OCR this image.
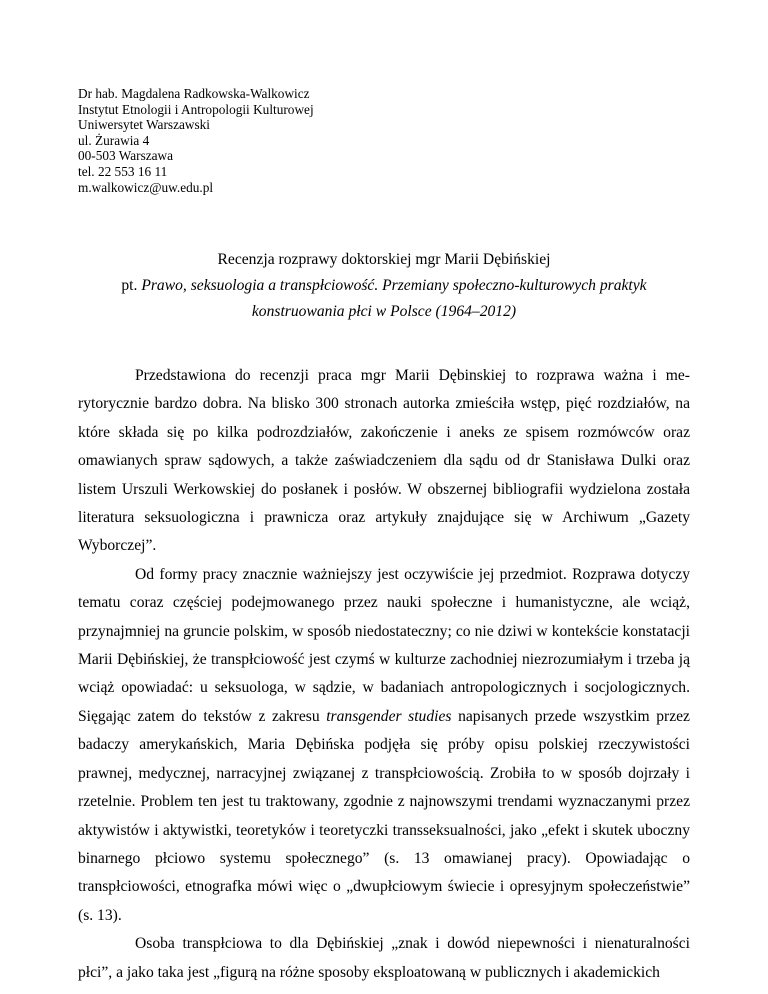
Dr hab. Magdalena Radkowska-Walkowicz
Instytut Etnologii i Antropologii Kulturowej
Uniwersytet Warszawski
ul. Żurawia 4
00-503 Warszawa
tel. 22 553 16 11
m.walkowicz@uw.edu.pl
Recenzja rozprawy doktorskiej mgr Marii Dębińskiej
pt. Prawo, seksuologia a transpłciowość. Przemiany społeczno-kulturowych praktyk
konstruowania płci w Polsce (1964–2012)

Przedstawiona do recenzji praca mgr Marii Dębinskiej to rozprawa ważna i merytorycznie bardzo dobra. Na blisko 300 stronach autorka zmieściła wstęp, pięć rozdziałów, na które składa się po kilka podrozdziałów, zakończenie i aneks ze spisem rozmówców oraz omawianych spraw sądowych, a także zaświadczeniem dla sądu od dr Stanisława Dulki oraz listem Urszuli Werkowskiej do posłanek i posłów. W obszernej bibliografii wydzielona została literatura seksuologiczna i prawnicza oraz artykuły znajdujące się w Archiwum „Gazety Wyborczej”.

Od formy pracy znacznie ważniejszy jest oczywiście jej przedmiot. Rozprawa dotyczy tematu coraz częściej podejmowanego przez nauki społeczne i humanistyczne, ale wciąż, przynajmniej na gruncie polskim, w sposób niedostateczny; co nie dziwi w kontekście konstatacji Marii Dębińskiej, że transpłciowość jest czymś w kulturze zachodniej niezrozumiałym i trzeba ją wciąż opowiadać: u seksuologa, w sądzie, w badaniach antropologicznych i socjologicznych. Sięgając zatem do tekstów z zakresu transgender studies napisanych przede wszystkim przez badaczy amerykańskich, Maria Dębińska podjęła się próby opisu polskiej rzeczywistości prawnej, medycznej, narracyjnej związanej z transpłciowością. Zrobiła to w sposób dojrzały i rzetelnie. Problem ten jest tu traktowany, zgodnie z najnowszymi trendami wyznaczanymi przez aktywistów i aktywistki, teoretyków i teoretyczki transseksualności, jako „efekt i skutek uboczny binarnego płciowo systemu społecznego” (s. 13 omawianej pracy). Opowiadając o transpłciowości, etnografka mówi więc o „dwupłciowym świecie i opresyjnym społeczeństwie” (s. 13).

Osoba transpłciowa to dla Dębińskiej „znak i dowód niepewności i nienaturalności płci”, a jako taka jest „figurą na różne sposoby eksploatowaną w publicznych i akademickich
